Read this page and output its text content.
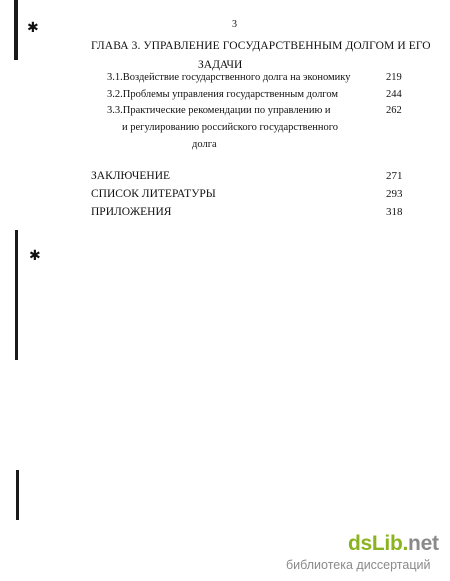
✱
✱
3
ГЛАВА 3. УПРАВЛЕНИЕ ГОСУДАРСТВЕННЫМ ДОЛГОМ И ЕГО
ЗАДАЧИ
3.1.Воздействие государственного долга на экономику	219
3.2.Проблемы управления государственным долгом	244
3.3.Практические рекомендации по управлению и	262
и регулированию российского государственного
долга
ЗАКЛЮЧЕНИЕ	271
СПИСОК ЛИТЕРАТУРЫ	293
ПРИЛОЖЕНИЯ	318
dsLib.net
библиотека диссертаций
